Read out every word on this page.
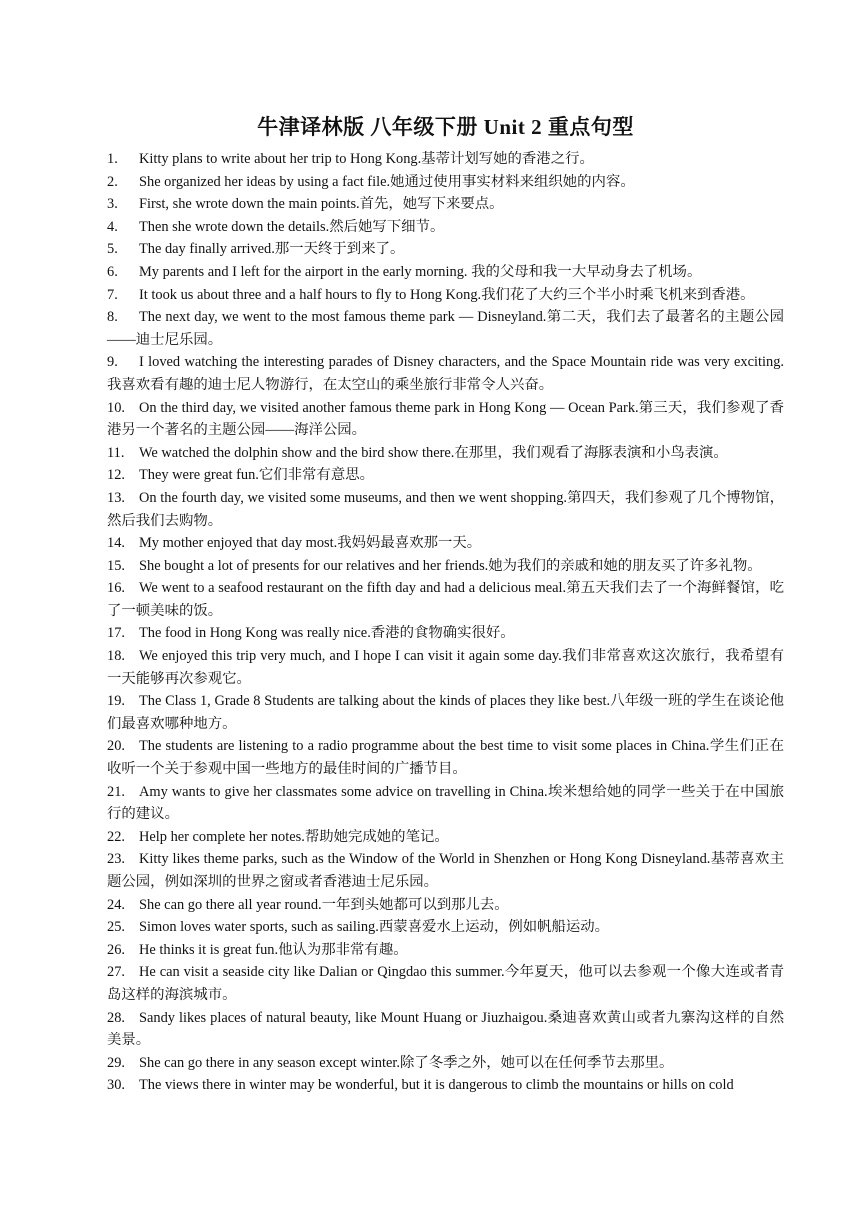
牛津译林版 八年级下册 Unit 2 重点句型

1. Kitty plans to write about her trip to Hong Kong.基蒂计划写她的香港之行。

2. She organized her ideas by using a fact file.她通过使用事实材料来组织她的内容。

3. First, she wrote down the main points.首先，她写下来要点。

4. Then she wrote down the details.然后她写下细节。

5. The day finally arrived.那一天终于到来了。

6. My parents and I left for the airport in the early morning. 我的父母和我一大早动身去了机场。

7. It took us about three and a half hours to fly to Hong Kong.我们花了大约三个半小时乘飞机来到香港。

8. The next day, we went to the most famous theme park — Disneyland.第二天，我们去了最著名的主题公园——迪士尼乐园。

9. I loved watching the interesting parades of Disney characters, and the Space Mountain ride was very exciting.我喜欢看有趣的迪士尼人物游行，在太空山的乘坐旅行非常令人兴奋。

10. On the third day, we visited another famous theme park in Hong Kong — Ocean Park.第三天，我们参观了香港另一个著名的主题公园——海洋公园。

11. We watched the dolphin show and the bird show there.在那里，我们观看了海豚表演和小鸟表演。

12. They were great fun.它们非常有意思。

13. On the fourth day, we visited some museums, and then we went shopping.第四天，我们参观了几个博物馆，然后我们去购物。

14. My mother enjoyed that day most.我妈妈最喜欢那一天。

15. She bought a lot of presents for our relatives and her friends.她为我们的亲戚和她的朋友买了许多礼物。

16. We went to a seafood restaurant on the fifth day and had a delicious meal.第五天我们去了一个海鲜餐馆，吃了一顿美味的饭。

17. The food in Hong Kong was really nice.香港的食物确实很好。

18. We enjoyed this trip very much, and I hope I can visit it again some day.我们非常喜欢这次旅行，我希望有一天能够再次参观它。

19. The Class 1, Grade 8 Students are talking about the kinds of places they like best.八年级一班的学生在谈论他们最喜欢哪种地方。

20. The students are listening to a radio programme about the best time to visit some places in China.学生们正在收听一个关于参观中国一些地方的最佳时间的广播节目。

21. Amy wants to give her classmates some advice on travelling in China.埃米想给她的同学一些关于在中国旅行的建议。

22. Help her complete her notes.帮助她完成她的笔记。

23. Kitty likes theme parks, such as the Window of the World in Shenzhen or Hong Kong Disneyland.基蒂喜欢主题公园，例如深圳的世界之窗或者香港迪士尼乐园。

24. She can go there all year round.一年到头她都可以到那儿去。

25. Simon loves water sports, such as sailing.西蒙喜爱水上运动，例如帆船运动。

26. He thinks it is great fun.他认为那非常有趣。

27. He can visit a seaside city like Dalian or Qingdao this summer.今年夏天，他可以去参观一个像大连或者青岛这样的海滨城市。

28. Sandy likes places of natural beauty, like Mount Huang or Jiuzhaigou.桑迪喜欢黄山或者九寨沟这样的自然美景。

29. She can go there in any season except winter.除了冬季之外，她可以在任何季节去那里。

30. The views there in winter may be wonderful, but it is dangerous to climb the mountains or hills on cold
